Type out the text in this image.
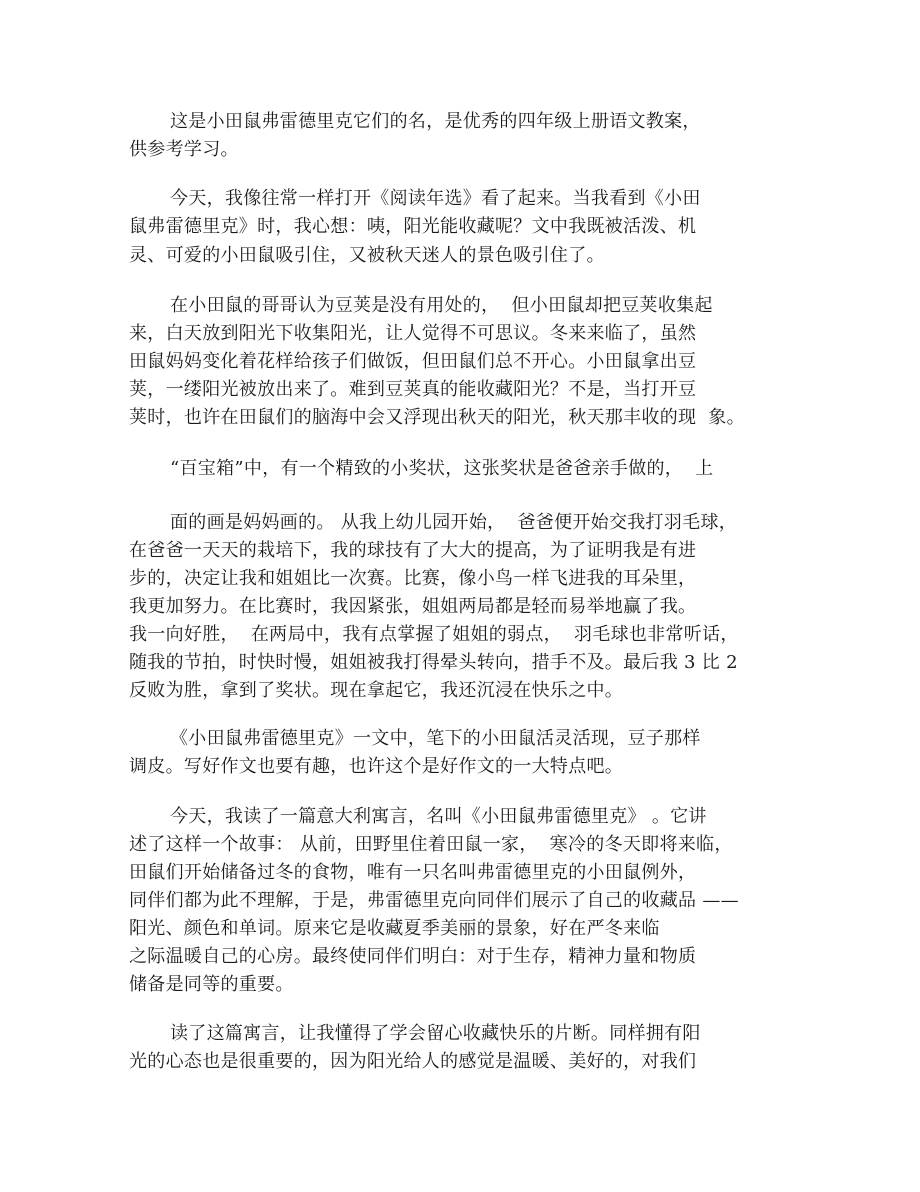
这是小田鼠弗雷德里克它们的名，是优秀的四年级上册语文教案，
供参考学习。
今天，我像往常一样打开《阅读年选》看了起来。当我看到《小田
鼠弗雷德里克》时，我心想：咦，阳光能收藏呢？文中我既被活泼、机
灵、可爱的小田鼠吸引住，又被秋天迷人的景色吸引住了。
在小田鼠的哥哥认为豆荚是没有用处的，  但小田鼠却把豆荚收集起
来，白天放到阳光下收集阳光，让人觉得不可思议。冬来来临了，虽然
田鼠妈妈变化着花样给孩子们做饭，但田鼠们总不开心。小田鼠拿出豆
荚，一缕阳光被放出来了。难到豆荚真的能收藏阳光？不是，当打开豆
荚时，也许在田鼠们的脑海中会又浮现出秋天的阳光，秋天那丰收的现  象。
“百宝箱”中，有一个精致的小奖状，这张奖状是爸爸亲手做的，  上
面的画是妈妈画的。 从我上幼儿园开始，  爸爸便开始交我打羽毛球，
在爸爸一天天的栽培下，我的球技有了大大的提高，为了证明我是有进
步的，决定让我和姐姐比一次赛。比赛，像小鸟一样飞进我的耳朵里，
我更加努力。在比赛时，我因紧张，姐姐两局都是轻而易举地赢了我。
我一向好胜，  在两局中，我有点掌握了姐姐的弱点，  羽毛球也非常听话，
随我的节拍，时快时慢，姐姐被我打得晕头转向，措手不及。最后我 3 比 2
反败为胜，拿到了奖状。现在拿起它，我还沉浸在快乐之中。
《小田鼠弗雷德里克》一文中，笔下的小田鼠活灵活现，豆子那样
调皮。写好作文也要有趣，也许这个是好作文的一大特点吧。
今天，我读了一篇意大利寓言，名叫《小田鼠弗雷德里克》 。它讲
述了这样一个故事： 从前，田野里住着田鼠一家，  寒冷的冬天即将来临，
田鼠们开始储备过冬的食物，唯有一只名叫弗雷德里克的小田鼠例外，
同伴们都为此不理解，于是，弗雷德里克向同伴们展示了自己的收藏品 ——
阳光、颜色和单词。原来它是收藏夏季美丽的景象，好在严冬来临
之际温暖自己的心房。最终使同伴们明白：对于生存，精神力量和物质
储备是同等的重要。
读了这篇寓言，让我懂得了学会留心收藏快乐的片断。同样拥有阳
光的心态也是很重要的，因为阳光给人的感觉是温暖、美好的，对我们
